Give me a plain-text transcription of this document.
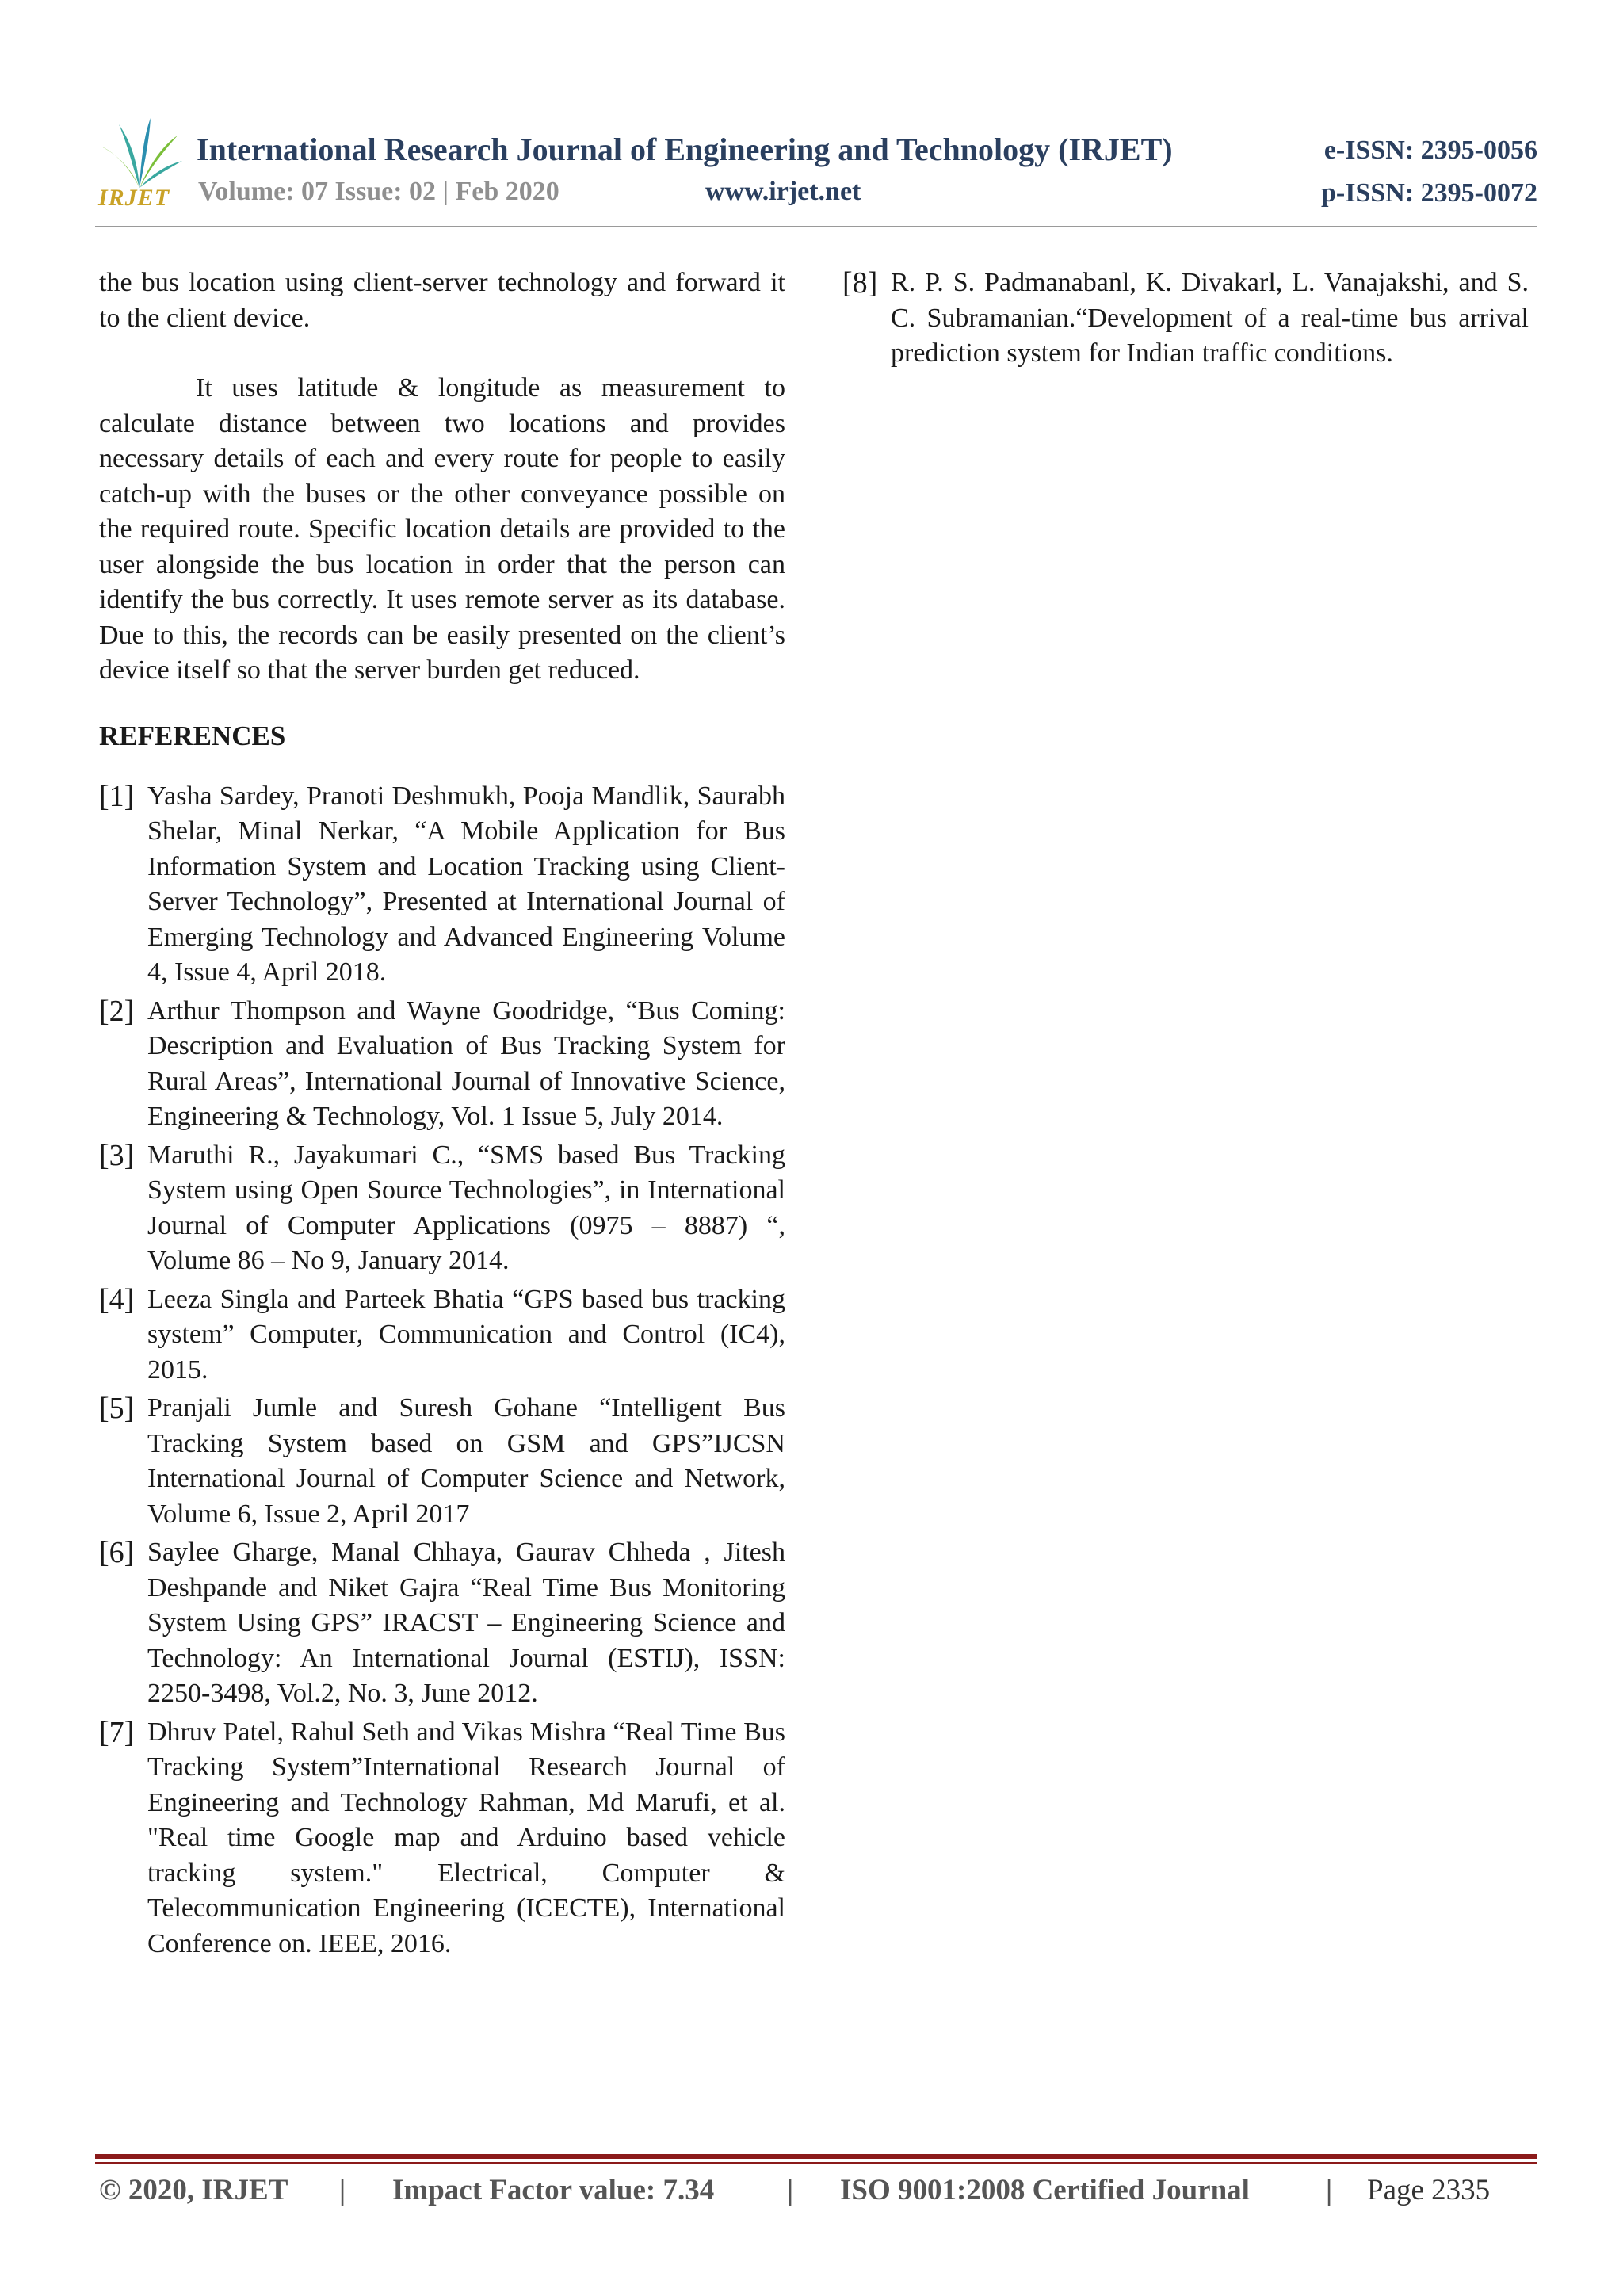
IRJET
International Research Journal of Engineering and Technology (IRJET)	e-ISSN: 2395-0056
Volume: 07 Issue: 02 | Feb 2020	www.irjet.net	p-ISSN: 2395-0072

the bus location using client-server technology and forward it to the client device.

It uses latitude & longitude as measurement to calculate distance between two locations and provides necessary details of each and every route for people to easily catch-up with the buses or the other conveyance possible on the required route. Specific location details are provided to the user alongside the bus location in order that the person can identify the bus correctly. It uses remote server as its database. Due to this, the records can be easily presented on the client’s device itself so that the server burden get reduced.

REFERENCES
[1] Yasha Sardey, Pranoti Deshmukh, Pooja Mandlik, Saurabh Shelar, Minal Nerkar, “A Mobile Application for Bus Information System and Location Tracking using Client-Server Technology”, Presented at International Journal of Emerging Technology and Advanced Engineering Volume 4, Issue 4, April 2018.
[2] Arthur Thompson and Wayne Goodridge, “Bus Coming: Description and Evaluation of Bus Tracking System for Rural Areas”, International Journal of Innovative Science, Engineering & Technology, Vol. 1 Issue 5, July 2014.
[3] Maruthi R., Jayakumari C., “SMS based Bus Tracking System using Open Source Technologies”, in International Journal of Computer Applications (0975 – 8887) “, Volume 86 – No 9, January 2014.
[4] Leeza Singla and Parteek Bhatia “GPS based bus tracking system” Computer, Communication and Control (IC4), 2015.
[5] Pranjali Jumle and Suresh Gohane “Intelligent Bus Tracking System based on GSM and GPS”IJCSN International Journal of Computer Science and Network, Volume 6, Issue 2, April 2017
[6] Saylee Gharge, Manal Chhaya, Gaurav Chheda , Jitesh Deshpande and Niket Gajra “Real Time Bus Monitoring System Using GPS” IRACST – Engineering Science and Technology: An International Journal (ESTIJ), ISSN: 2250-3498, Vol.2, No. 3, June 2012.
[7] Dhruv Patel, Rahul Seth and Vikas Mishra “Real Time Bus Tracking System”International Research Journal of Engineering and Technology Rahman, Md Marufi, et al. "Real time Google map and Arduino based vehicle tracking system." Electrical, Computer & Telecommunication Engineering (ICECTE), International Conference on. IEEE, 2016.
[8] R. P. S. Padmanabanl, K. Divakarl, L. Vanajakshi, and S. C. Subramanian.“Development of a real-time bus arrival prediction system for Indian traffic conditions.
© 2020, IRJET | Impact Factor value: 7.34 | ISO 9001:2008 Certified Journal	| Page 2335
